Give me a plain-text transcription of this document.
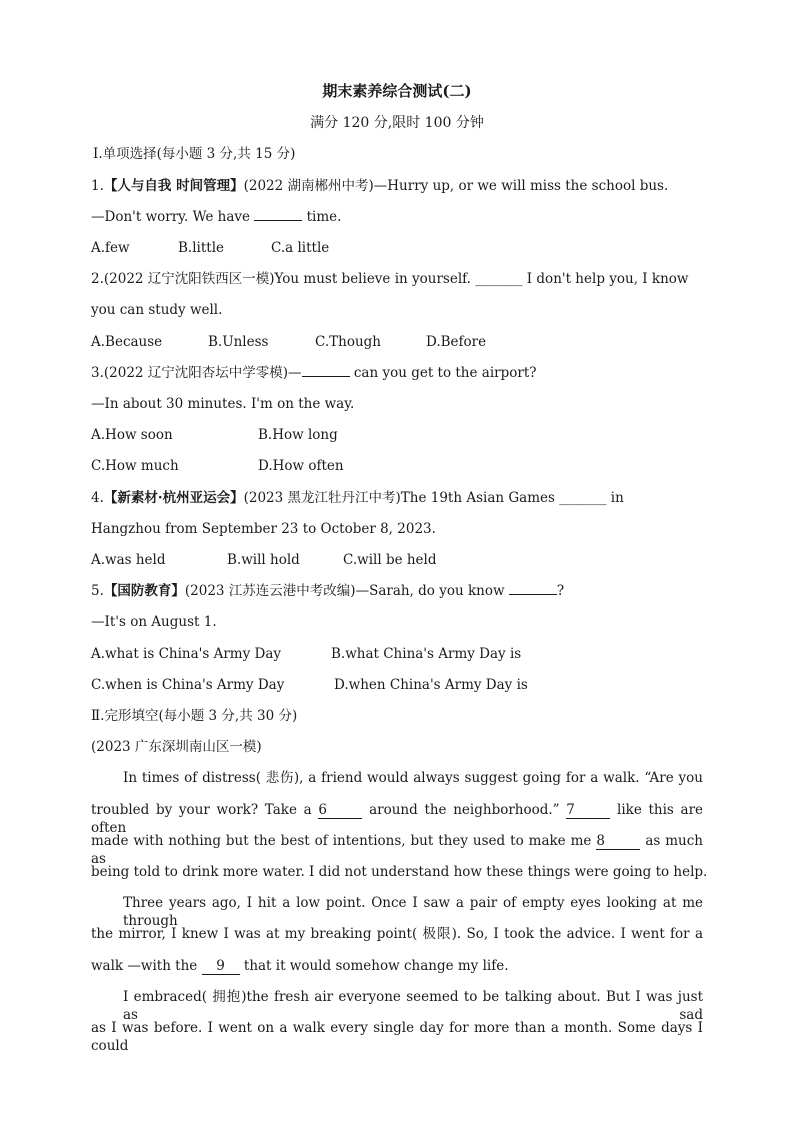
期末素养综合测试(二)
满分 120 分,限时 100 分钟
Ⅰ.单项选择(每小题 3 分,共 15 分)
1.【人与自我 时间管理】(2022 湖南郴州中考)—Hurry up, or we will miss the school bus.
—Don't worry. We have	time.
A.few	B.little	C.a little
2.(2022 辽宁沈阳铁西区一模)You must believe in yourself. _______ I don't help you, I know
you can study well.
A.Because	B.Unless	C.Though	D.Before
3.(2022 辽宁沈阳杏坛中学零模)—	can you get to the airport?
—In about 30 minutes. I'm on the way.
A.How soon	B.How long
C.How much	D.How often
4.【新素材·杭州亚运会】(2023 黑龙江牡丹江中考)The 19th Asian Games _______ in
Hangzhou from September 23 to October 8, 2023.
A.was held	B.will hold	C.will be held
5.【国防教育】(2023 江苏连云港中考改编)—Sarah, do you know	?
—It's on August 1.
A.what is China's Army Day	B.what China's Army Day is
C.when is China's Army Day	D.when China's Army Day is
Ⅱ.完形填空(每小题 3 分,共 30 分)
(2023 广东深圳南山区一模)
In times of distress( 悲伤), a friend would always suggest going for a walk. “Are you
troubled by your work? Take a 6	around the neighborhood.” 7	like this are often
made with nothing but the best of intentions, but they used to make me 8	as much as
being told to drink more water. I did not understand how these things were going to help.
Three years ago, I hit a low point. Once I saw a pair of empty eyes looking at me through
the mirror, I knew I was at my breaking point( 极限). So, I took the advice. I went for a
walk —with the 9 that it would somehow change my life.
I embraced( 拥抱)the fresh air everyone seemed to be talking about. But I was just as sad
as I was before. I went on a walk every single day for more than a month. Some days I could
